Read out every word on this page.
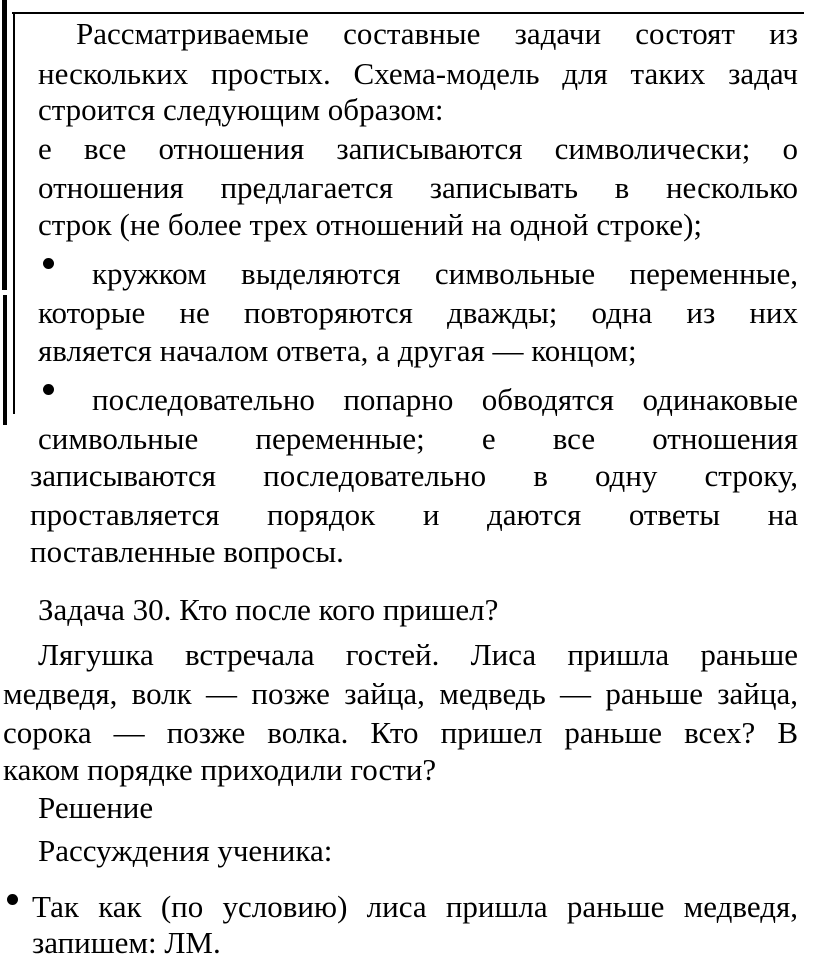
Рассматриваемые составные задачи состоят из
нескольких простых. Схема-модель для таких задач
строится следующим образом:
е все отношения записываются символически; о
отношения предлагается записывать в несколько
строк (не более трех отношений на одной строке);
кружком выделяются символьные переменные,
которые не повторяются дважды; одна из них
является началом ответа, а другая — концом;
последовательно попарно обводятся одинаковые
символьные переменные; е все отношения
записываются последовательно в одну строку,
проставляется порядок и даются ответы на
поставленные вопросы.
Задача 30. Кто после кого пришел?
Лягушка встречала гостей. Лиса пришла раньше
медведя, волк — позже зайца, медведь — раньше зайца,
сорока — позже волка. Кто пришел раньше всех? В
каком порядке приходили гости?
Решение
Рассуждения ученика:
Так как (по условию) лиса пришла раньше медведя,
запишем: ЛМ.
